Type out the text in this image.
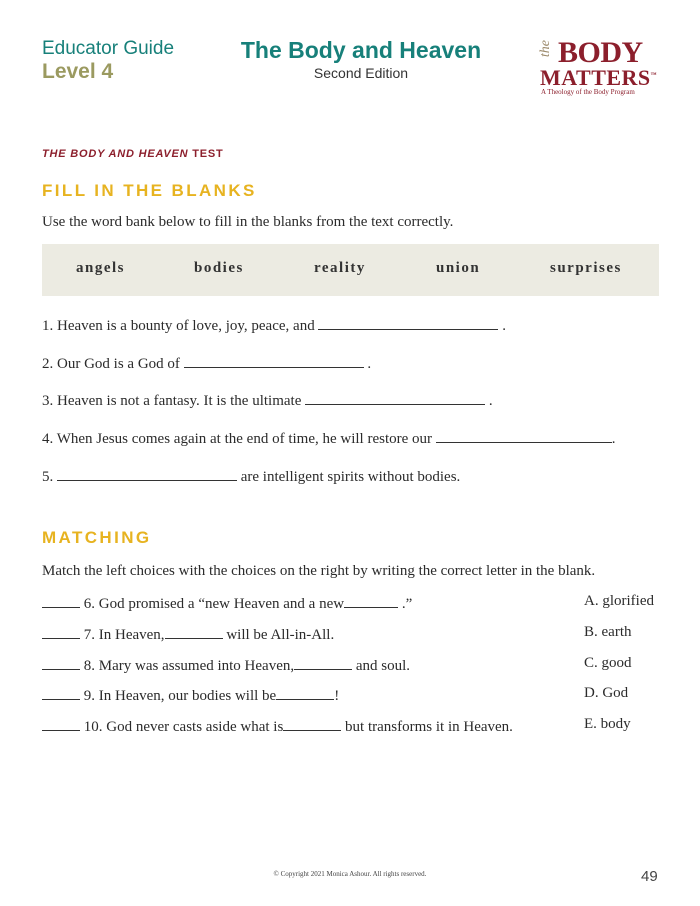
Educator Guide
Level 4
The Body and Heaven
Second Edition
the BODY
MATTERS™
A Theology of the Body Program
THE BODY AND HEAVEN TEST
FILL IN THE BLANKS
Use the word bank below to fill in the blanks from the text correctly.
angels	bodies	reality	union	surprises
1. Heaven is a bounty of love, joy, peace, and	.
2. Our God is a God of	.
3. Heaven is not a fantasy. It is the ultimate	.
4. When Jesus comes again at the end of time, he will restore our	.
5.	are intelligent spirits without bodies.
MATCHING
Match the left choices with the choices on the right by writing the correct letter in the blank.
6. God promised a “new Heaven and a new	.”	A. glorified
7. In Heaven,	will be All-in-All.	B. earth
8. Mary was assumed into Heaven,	and soul.	C. good
9. In Heaven, our bodies will be	!	D. God
10. God never casts aside what is	but transforms it in Heaven.	E. body
© Copyright 2021 Monica Ashour. All rights reserved.	49
